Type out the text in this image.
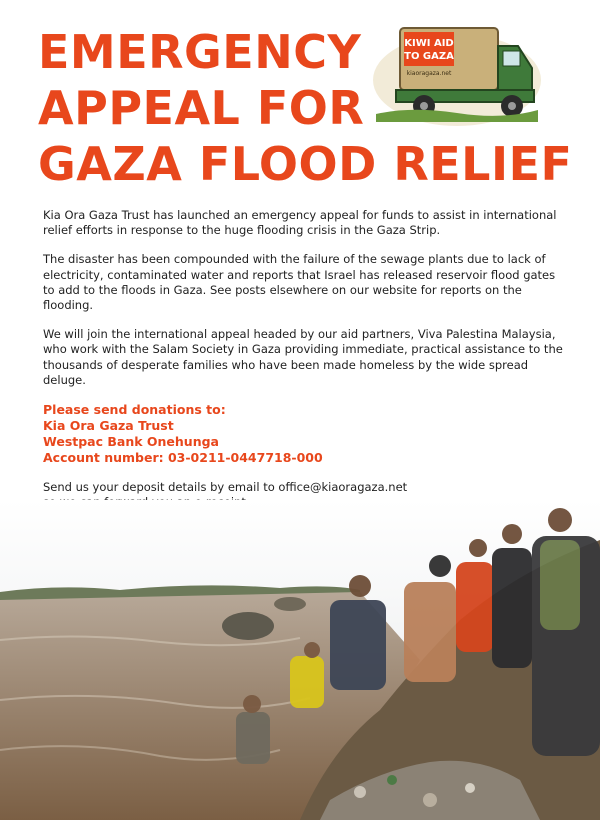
EMERGENCY
APPEAL FOR
GAZA FLOOD RELIEF
KIWI AID
TO GAZA
kiaoragaza.net

Kia Ora Gaza Trust has launched an emergency appeal for funds to assist in international relief efforts in response to the huge flooding crisis in the Gaza Strip.

The disaster has been compounded with the failure of the sewage plants due to lack of electricity, contaminated water and reports that Israel has released reservoir flood gates to add to the floods in Gaza. See posts elsewhere on our website for reports on the flooding.

We will join the international appeal headed by our aid partners, Viva Palestina Malaysia, who work with the Salam Society in Gaza providing immediate, practical assistance to the thousands of desperate families who have been made homeless by the wide spread deluge.

Please send donations to:
Kia Ora Gaza Trust
Westpac Bank Onehunga
Account number: 03-0211-0447718-000

Send us your deposit details by email to office@kiaoragaza.net
